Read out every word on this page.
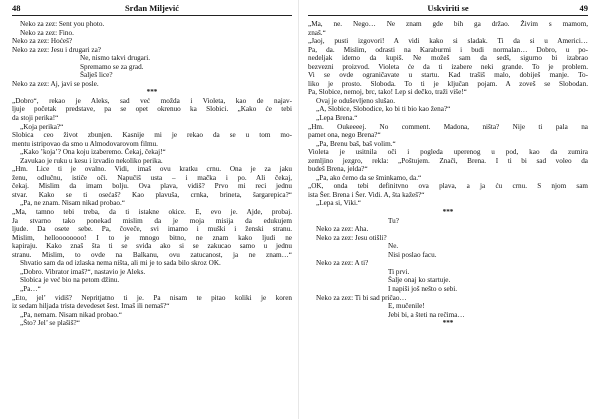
48	Srđan Miljević
Neko za zez: Sent you photo.
Neko za zez: Fino.
Neko za zez: Hoćeš?
Neko za zez: Jesu i drugari za?
Ne, nismo takvi drugari.
Spremamo se za grad.
Šalješ lice?
Neko za zez: Aj, javi se posle.
***
„Dobro“, rekao je Aleks, sad već možda i Violeta, kao de najav-
ljuje početak predstave, pa se opet okrenuo ka Slobici. „Kako će tebi
da stoji perika!“
„Koja perika?“
Slobica ceo život zbunjen. Kasnije mi je rekao da se u tom mo-
mentu istripovao da smo u Almodovarovom filmu.
„Kako ’koja’? Ona koju izaberemo. Čekaj, čekaj!“
Zavukao je ruku u kesu i izvadio nekoliko perika.
„Hm. Lice ti je ovalno. Vidi, imaš ovu kratku crnu. Ona je za jaku
ženu, odlučnu, ističe oči. Napučiš usta – i mačka i po. Ali čekaj,
čekaj. Mislim da imam bolju. Ova plava, vidiš? Prvo mi reci jednu
stvar. Kako se ti osećaš? Kao plavuša, crnka, brineta, šargarepica?“
„Pa, ne znam. Nisam nikad probao.“
„Ma, tamno tebi treba, da ti istakne okice. E, evo je. Ajde, probaj.
Ja stvarno tako ponekad mislim da je moja misija da edukujem
ljude. Da osete sebe. Pa, čoveče, svi imamo i muški i ženski stranu.
Mislim, helloooooooo! I to je mnogo bitno, ne znam kako ljudi ne
kapiraju. Kako znaš šta ti se sviđa ako si se zakucao samo u jednu
stranu. Mislim, to ovde na Balkanu, ovu zatucanost, ja ne znam…“
Shvatio sam da od izlaska nema ništa, ali mi je to sada bilo skroz OK.
„Dobro. Vibrator imaš?“, nastavio je Aleks.
Slobica je već bio na petom džinu.
„Pa…“
„Eto, jel’ vidiš? Nepritjatno ti je. Pa nisam te pitao koliki je koren
iz sedam hiljada trista devedeset šest. Imaš ili nemaš?“
„Pa, nemam. Nisam nikad probao.“
„Što? Jel’ se plašiš?“
Uskviriti se	49
„Ma, ne. Nego… Ne znam gde bih ga držao. Živim s mamom,
znaš.“
„Jaoj, pusti izgovori! A vidi kako si sladak. Ti da si u Americi…
Pa, da. Mislim, odrasti na Karaburmi i budi normalan… Dobro, u po-
nedeljak idemo da kupiš. Ne možeš sam da sedš, sigurno bi izabrao
bezvezni proizvod. Violeta će da ti izabere neki grande. To je problem.
Vi se ovde ograničavate u startu. Kad trašiš malo, dobiješ manje. To-
liko je prosto. Sloboda. To ti je ključan pojam. A zoveš se Slobodan.
Pa, Slobice, nemoj, brc, tako! Lep si dečko, traži više!“
Ovaj je oduševljeno slušao.
„A, Slobice, Slobodice, ko bi ti bio kao žena?“
„Lepa Brena.“
„Hm. Oukeeeej. No comment. Madona, ništa? Nije ti pala na
pamet ona, nego Brena?“
„Pa, Brenu baš, baš volim.“
Violeta je usitnila oči i pogleda uperenog u pod, kao da zumira
zemljino jezgro, rekla: „Poštujem. Znači, Brena. I ti bi sad voleo da
budeš Brena, jelda?“
„Pa, ako ćemo da se šminkamo, da.“
„OK, onda tebi definitvno ova plava, a ja ću crnu. S njom sam
ista Šer. Brena i Šer. Vidi. A, šta kažeš?“
„Lepa si, Viki.“
***
Tu?
Neko za zez: Aha.
Neko za zez: Jesu otišli?
Ne.
Nisi poslao facu.
Neko za zez: A ti?
Ti prvi.
Šalje onaj ko startuje.
I napiši još nešto o sebi.
Neko za zez: Ti bi sad pričao…
E, mučenile!
Jebi bi, a šteti na rečima…
***
